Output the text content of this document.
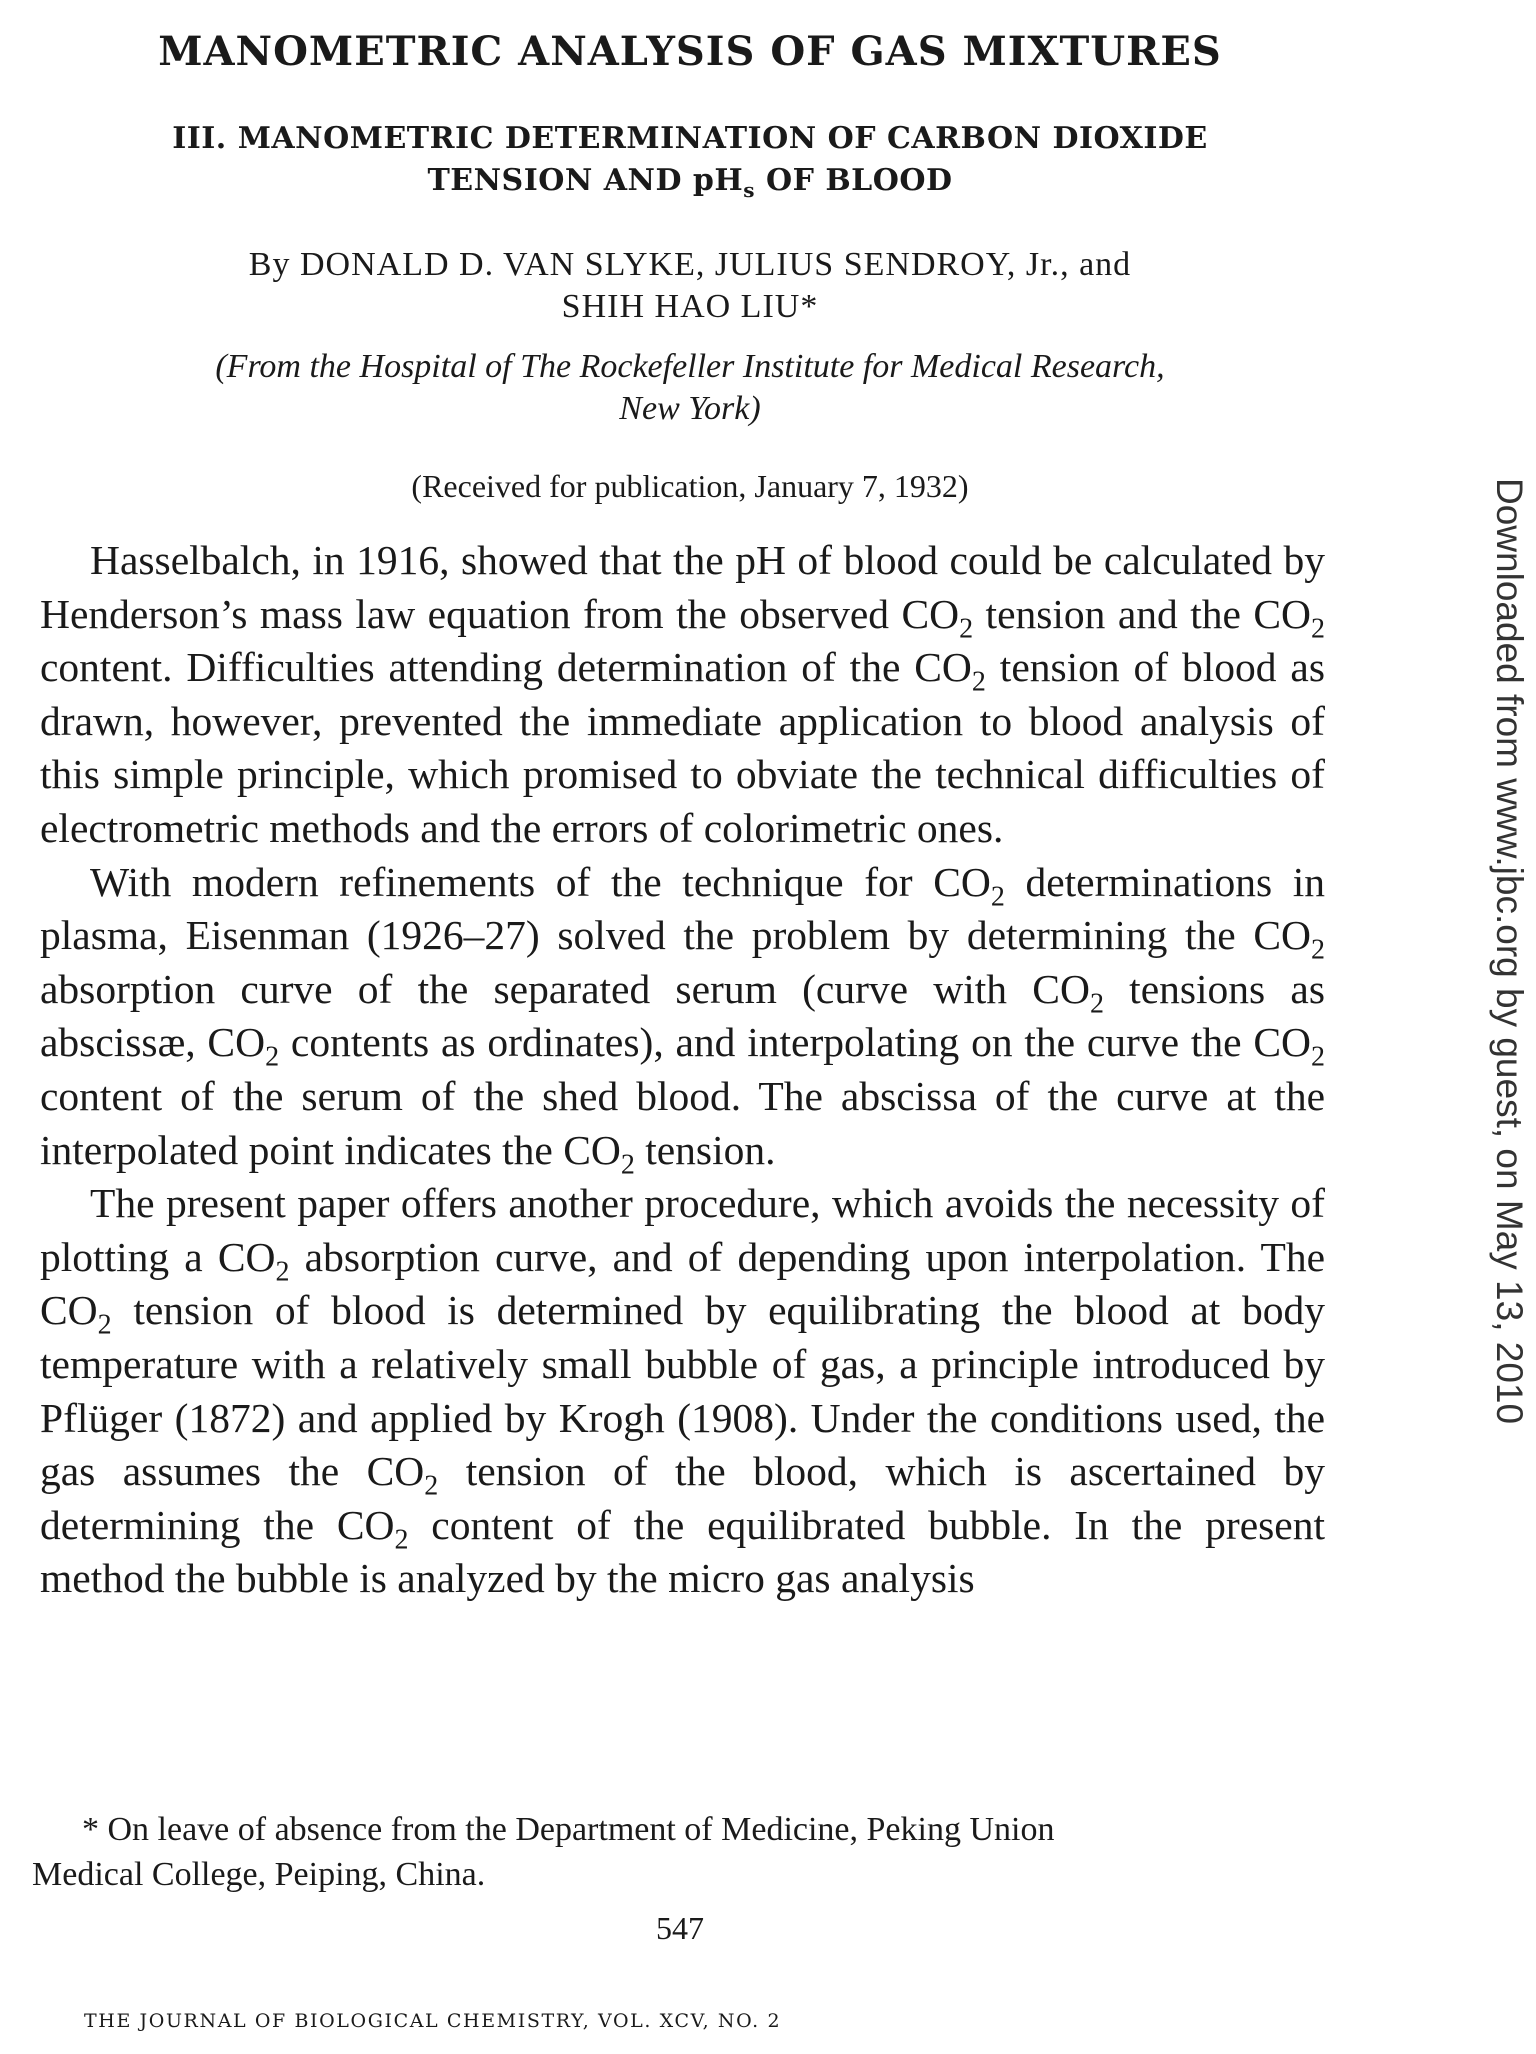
MANOMETRIC ANALYSIS OF GAS MIXTURES
III. MANOMETRIC DETERMINATION OF CARBON DIOXIDE
TENSION AND $pH_s$ OF BLOOD
By DONALD D. VAN SLYKE, JULIUS SENDROY, Jr., and
SHIH HAO LIU*
(From the Hospital of The Rockefeller Institute for Medical Research,
New York)
(Received for publication, January 7, 1932)

Hasselbalch, in 1916, showed that the pH of blood could be calculated by Henderson’s mass law equation from the observed $CO_2$ tension and the $CO_2$ content. Difficulties attending determination of the $CO_2$ tension of blood as drawn, however, prevented the immediate application to blood analysis of this simple principle, which promised to obviate the technical difficulties of electrometric methods and the errors of colorimetric ones.

With modern refinements of the technique for $CO_2$ determinations in plasma, Eisenman (1926–27) solved the problem by determining the $CO_2$ absorption curve of the separated serum (curve with $CO_2$ tensions as abscissæ, $CO_2$ contents as ordinates), and interpolating on the curve the $CO_2$ content of the serum of the shed blood. The abscissa of the curve at the interpolated point indicates the $CO_2$ tension.

The present paper offers another procedure, which avoids the necessity of plotting a $CO_2$ absorption curve, and of depending upon interpolation. The $CO_2$ tension of blood is determined by equilibrating the blood at body temperature with a relatively small bubble of gas, a principle introduced by Pflüger (1872) and applied by Krogh (1908). Under the conditions used, the gas assumes the $CO_2$ tension of the blood, which is ascertained by determining the $CO_2$ content of the equilibrated bubble. In the present method the bubble is analyzed by the micro gas analysis

* On leave of absence from the Department of Medicine, Peking Union
Medical College, Peiping, China.
547
THE JOURNAL OF BIOLOGICAL CHEMISTRY, VOL. XCV, NO. 2
Downloaded from www.jbc.org by guest, on May 13, 2010
